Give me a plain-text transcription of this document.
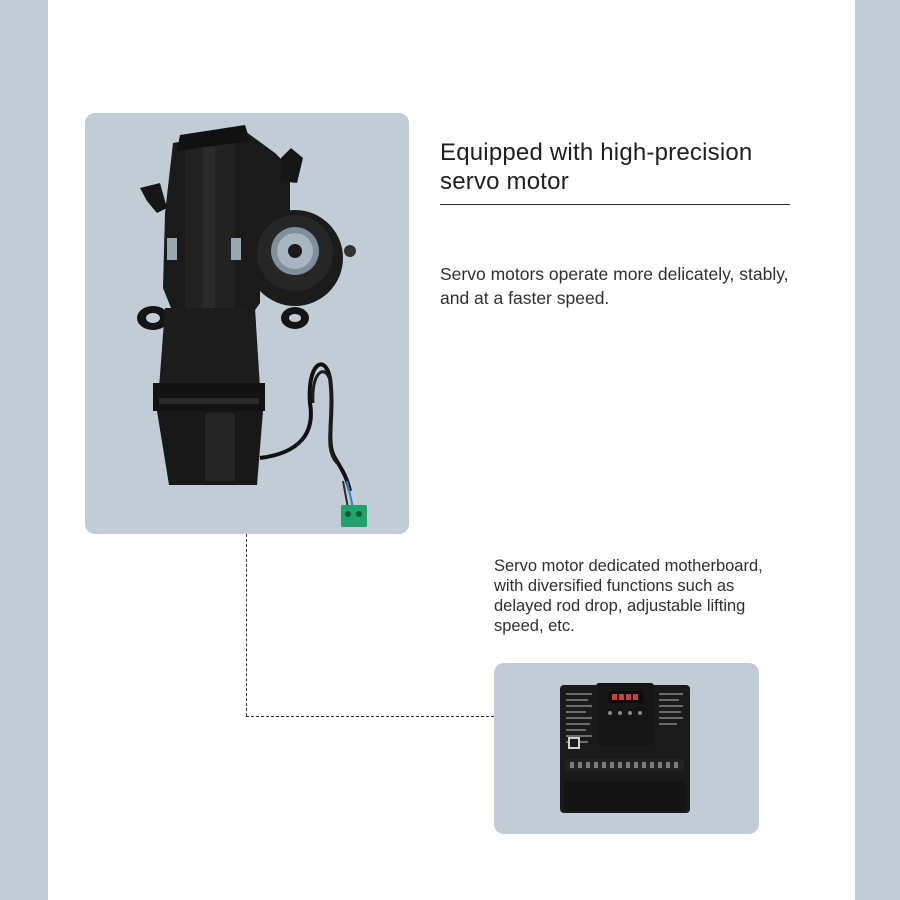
Equipped with high-precision servo motor

Servo motors operate more delicately, stably, and at a faster speed.

Servo motor dedicated motherboard, with diversified functions such as delayed rod drop, adjustable lifting speed, etc.
